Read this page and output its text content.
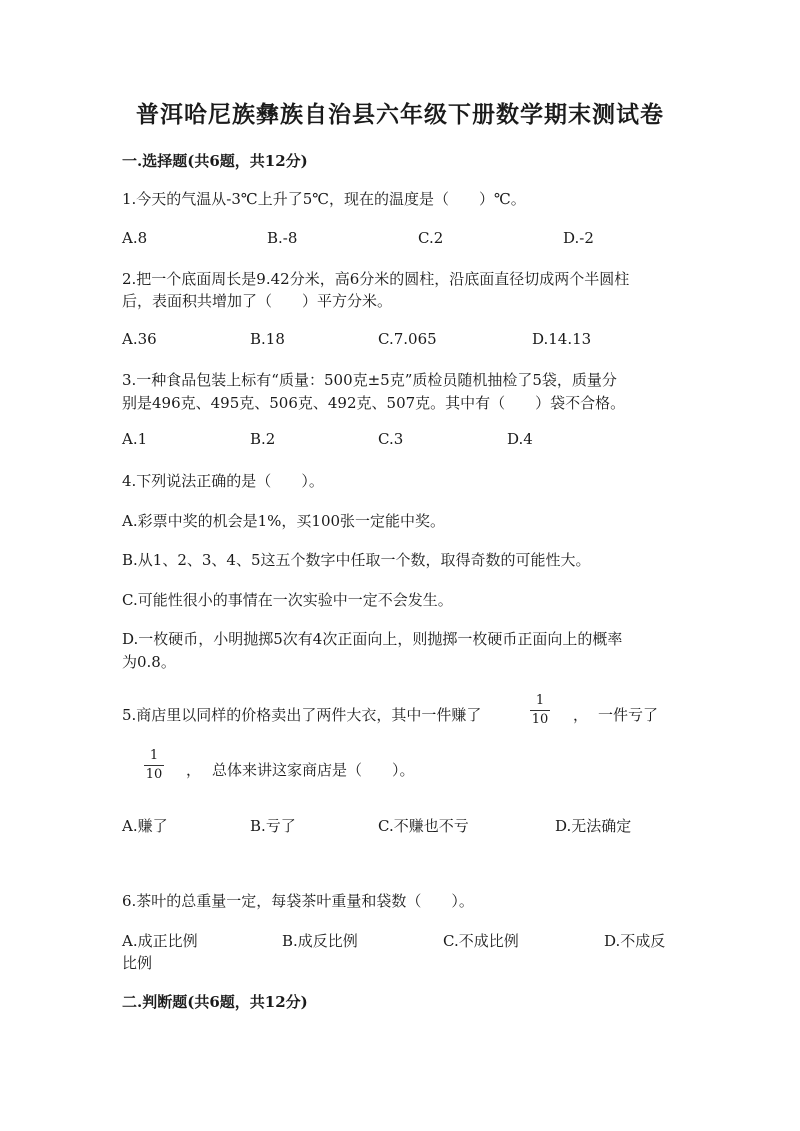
普洱哈尼族彝族自治县六年级下册数学期末测试卷
一.选择题(共6题，共12分)
1.今天的气温从-3℃上升了5℃，现在的温度是（　　）℃。
A.8	B.-8	C.2	D.-2
2.把一个底面周长是9.42分米，高6分米的圆柱，沿底面直径切成两个半圆柱
后，表面积共增加了（　　）平方分米。
A.36	B.18	C.7.065	D.14.13
3.一种食品包装上标有“质量：500克±5克”质检员随机抽检了5袋，质量分
别是496克、495克、506克、492克、507克。其中有（　　）袋不合格。
A.1	B.2	C.3	D.4
4.下列说法正确的是（　　）。
A.彩票中奖的机会是1%，买100张一定能中奖。
B.从1、2、3、4、5这五个数字中任取一个数，取得奇数的可能性大。
C.可能性很小的事情在一次实验中一定不会发生。
D.一枚硬币，小明抛掷5次有4次正面向上，则抛掷一枚硬币正面向上的概率
为0.8。
5.商店里以同样的价格卖出了两件大衣，其中一件赚了
1
10 ， 一件亏了
1
10 ， 总体来讲这家商店是（　　）。
A.赚了	B.亏了	C.不赚也不亏	D.无法确定
6.茶叶的总重量一定，每袋茶叶重量和袋数（　　）。
A.成正比例	B.成反比例	C.不成比例	D.不成反
比例
二.判断题(共6题，共12分)
